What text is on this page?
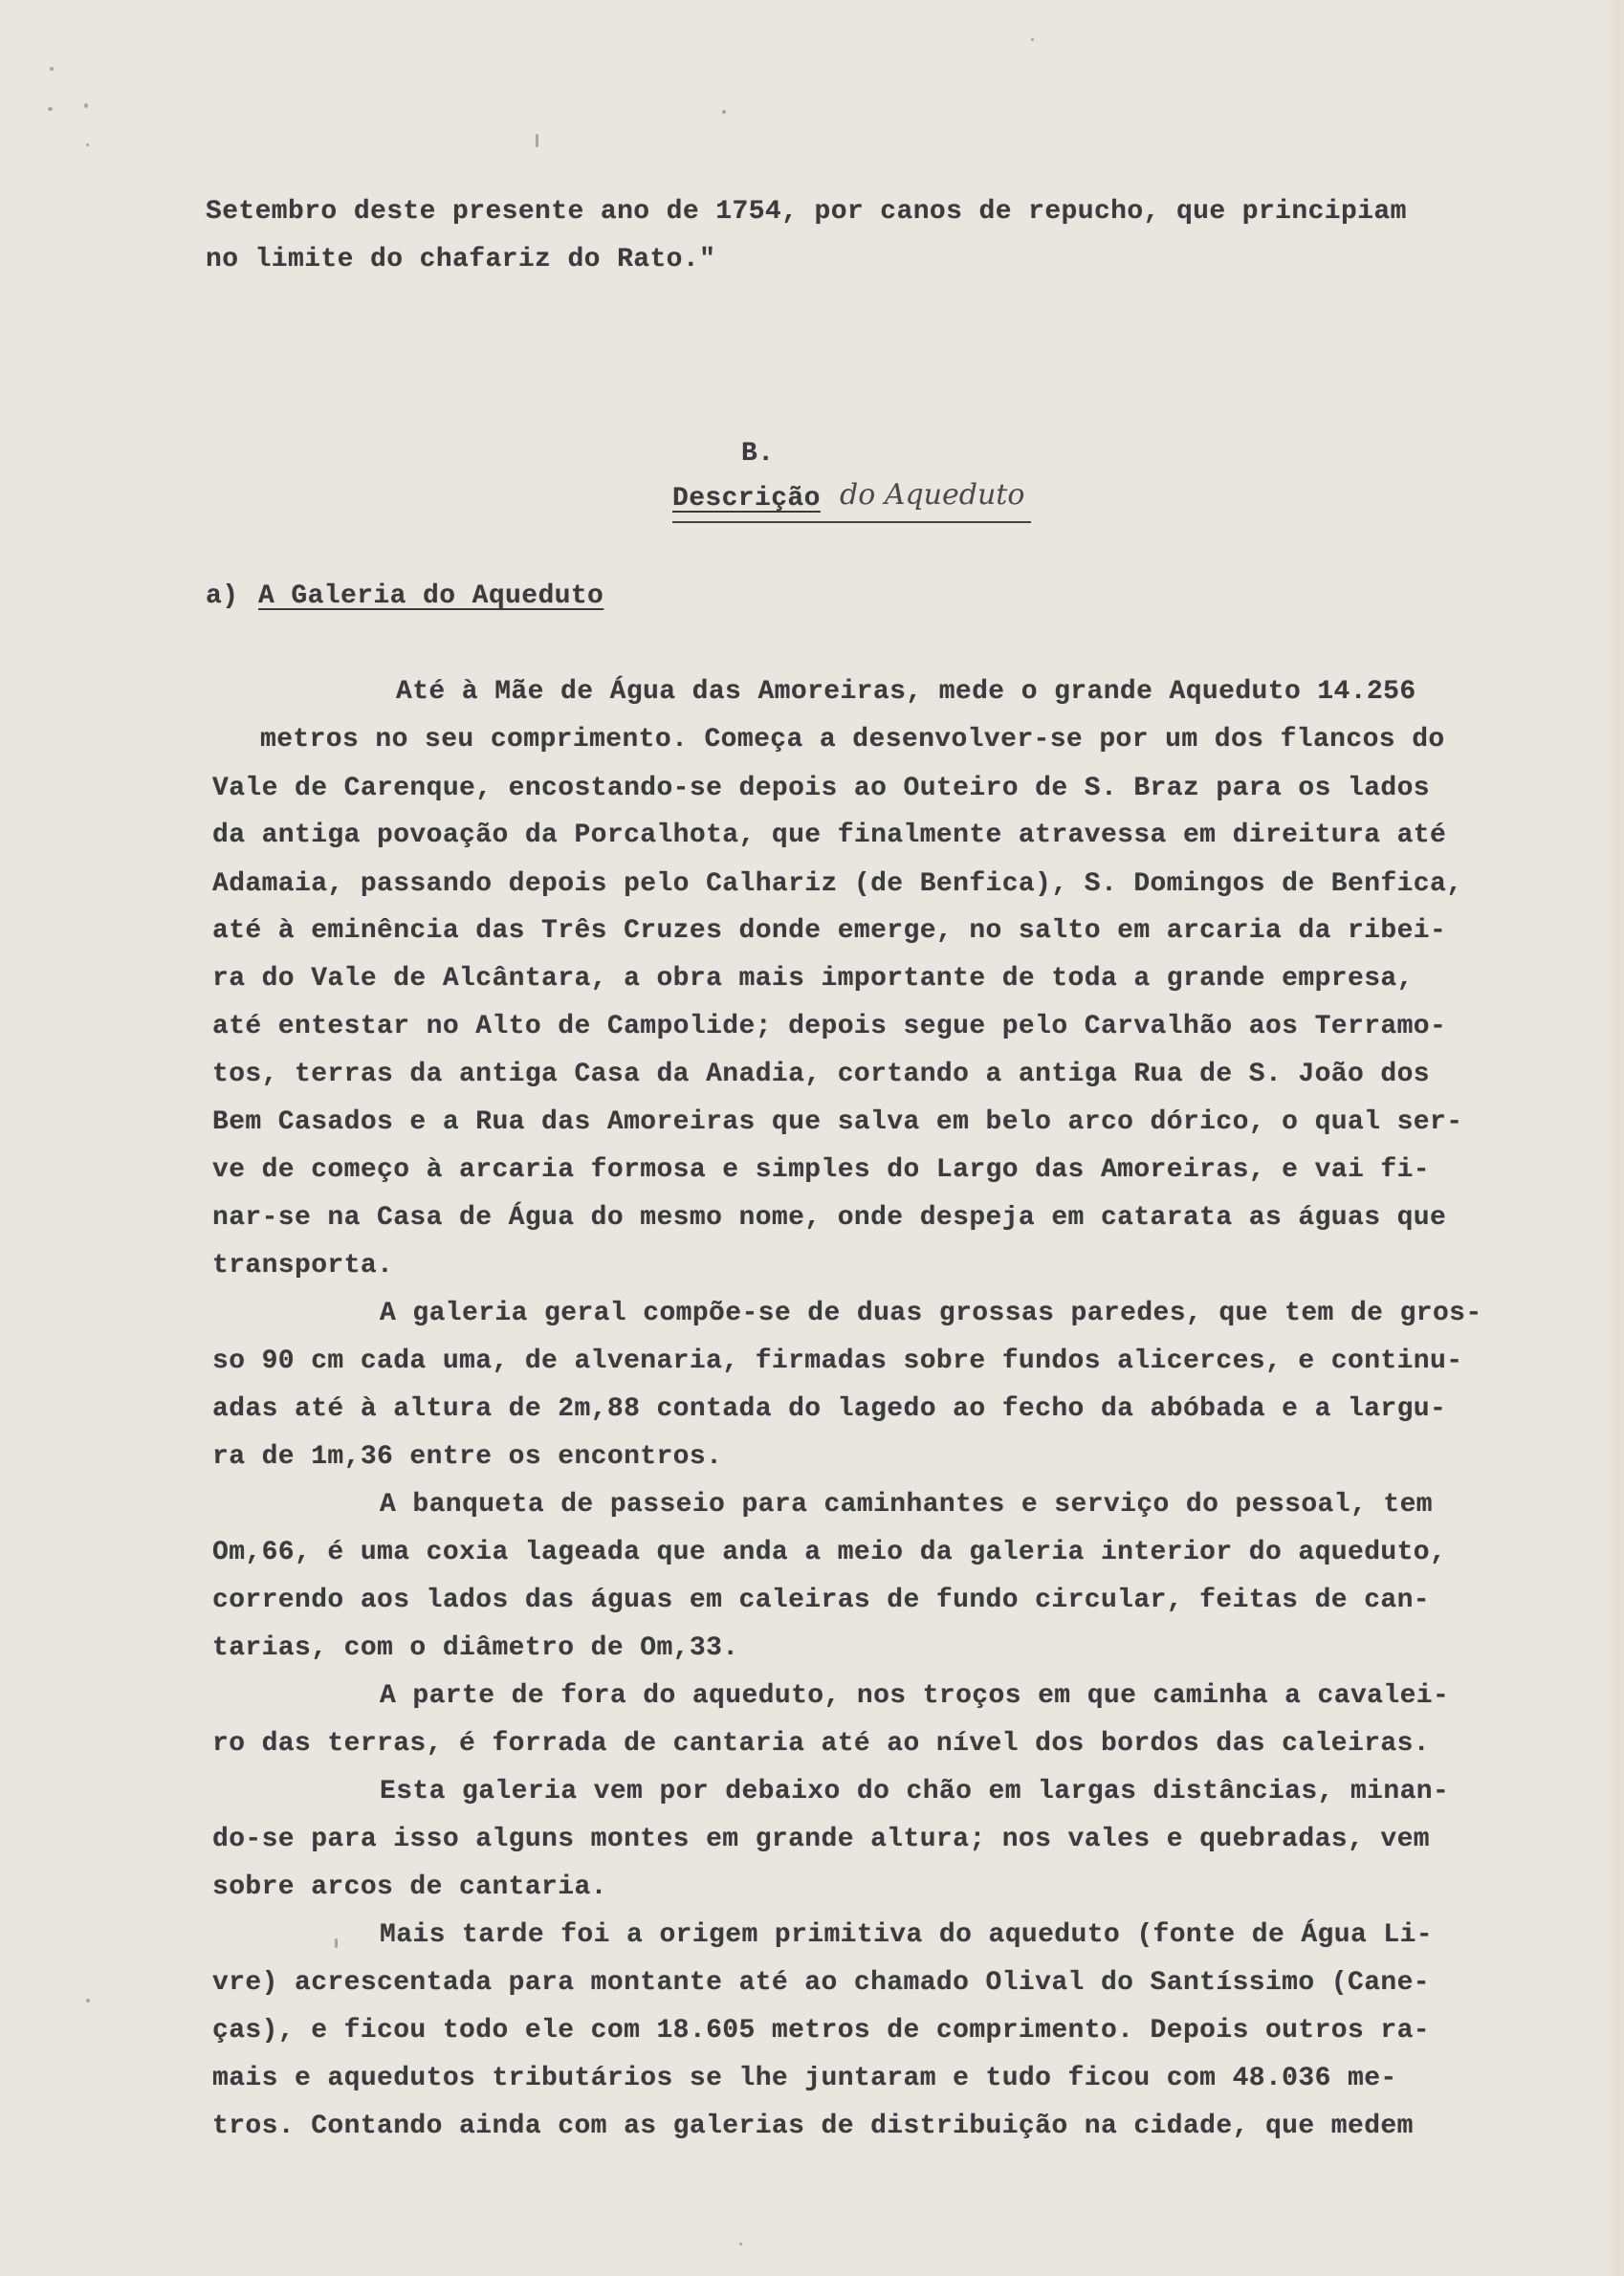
Setembro deste presente ano de 1754, por canos de repucho, que principiam
no limite do chafariz do Rato."
B.
Descrição do Aqueduto
a) A Galeria do Aqueduto
Até à Mãe de Água das Amoreiras, mede o grande Aqueduto 14.256
metros no seu comprimento. Começa a desenvolver-se por um dos flancos do
Vale de Carenque, encostando-se depois ao Outeiro de S. Braz para os lados
da antiga povoação da Porcalhota, que finalmente atravessa em direitura até
Adamaia, passando depois pelo Calhariz (de Benfica), S. Domingos de Benfica,
até à eminência das Três Cruzes donde emerge, no salto em arcaria da ribei-
ra do Vale de Alcântara, a obra mais importante de toda a grande empresa,
até entestar no Alto de Campolide; depois segue pelo Carvalhão aos Terramo-
tos, terras da antiga Casa da Anadia, cortando a antiga Rua de S. João dos
Bem Casados e a Rua das Amoreiras que salva em belo arco dórico, o qual ser-
ve de começo à arcaria formosa e simples do Largo das Amoreiras, e vai fi-
nar-se na Casa de Água do mesmo nome, onde despeja em catarata as águas que
transporta.
A galeria geral compõe-se de duas grossas paredes, que tem de gros-
so 90 cm cada uma, de alvenaria, firmadas sobre fundos alicerces, e continu-
adas até à altura de 2m,88 contada do lagedo ao fecho da abóbada e a largu-
ra de 1m,36 entre os encontros.
A banqueta de passeio para caminhantes e serviço do pessoal, tem
Om,66, é uma coxia lageada que anda a meio da galeria interior do aqueduto,
correndo aos lados das águas em caleiras de fundo circular, feitas de can-
tarias, com o diâmetro de Om,33.
A parte de fora do aqueduto, nos troços em que caminha a cavalei-
ro das terras, é forrada de cantaria até ao nível dos bordos das caleiras.
Esta galeria vem por debaixo do chão em largas distâncias, minan-
do-se para isso alguns montes em grande altura; nos vales e quebradas, vem
sobre arcos de cantaria.
Mais tarde foi a origem primitiva do aqueduto (fonte de Água Li-
vre) acrescentada para montante até ao chamado Olival do Santíssimo (Cane-
ças), e ficou todo ele com 18.605 metros de comprimento. Depois outros ra-
mais e aquedutos tributários se lhe juntaram e tudo ficou com 48.036 me-
tros. Contando ainda com as galerias de distribuição na cidade, que medem
